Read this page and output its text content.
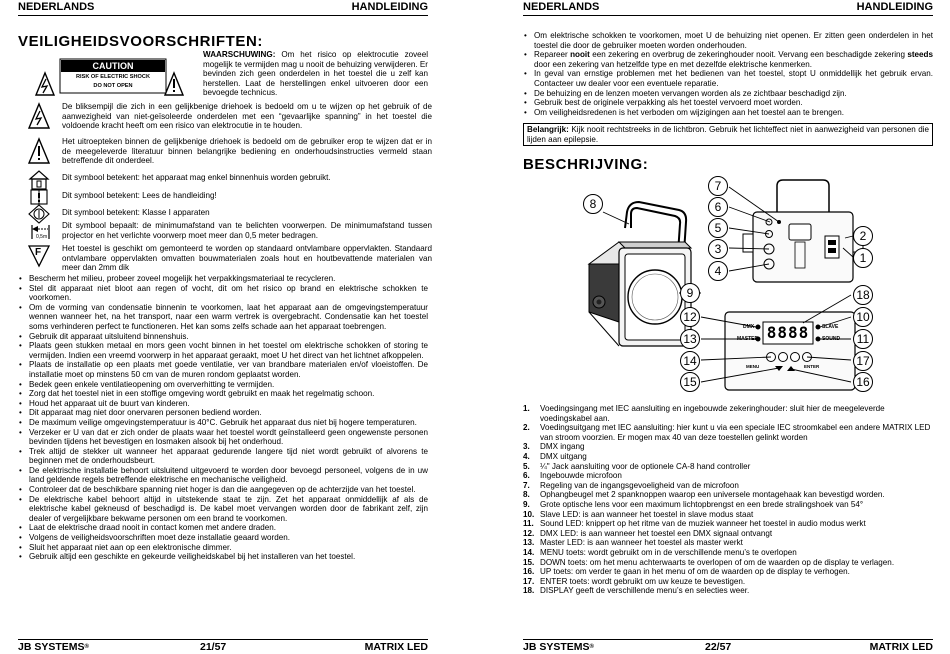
NEDERLANDS	HANDLEIDING
VEILIGHEIDSVOORSCHRIFTEN:
CAUTION
RISK OF ELECTRIC SHOCK
DO NOT OPEN
WAARSCHUWING: Om het risico op elektrocutie zoveel mogelijk te vermijden mag u nooit de behuizing verwijderen. Er bevinden zich geen onderdelen in het toestel die u zelf kan herstellen. Laat de herstellingen enkel uitvoeren door een bevoegde technicus.
De bliksempijl die zich in een gelijkbenige driehoek is bedoeld om u te wijzen op het gebruik of de aanwezigheid van niet-geïsoleerde onderdelen met een “gevaarlijke spanning” in het toestel die voldoende kracht heeft om een risico van elektrocutie in te houden.
Het uitroepteken binnen de gelijkbenige driehoek is bedoeld om de gebruiker erop te wijzen dat er in de meegeleverde literatuur binnen belangrijke bediening en onderhoudsinstructies vermeld staan betreffende dit onderdeel.
Dit symbool betekent: het apparaat mag enkel binnenhuis worden gebruikt.
Dit symbool betekent: Lees de handleiding!
Dit symbool betekent: Klasse I apparaten
0,5m
Dit symbool bepaalt: de minimumafstand van te belichten voorwerpen. De minimumafstand tussen projector en het verlichte voorwerp moet meer dan 0,5 meter bedragen.
F	Het toestel is geschikt om gemonteerd te worden op standaard ontvlambare oppervlakten. Standaard ontvlambare oppervlakten omvatten bouwmaterialen zoals hout en houtbevattende materialen van meer dan 2mm dik
• Bescherm het milieu, probeer zoveel mogelijk het verpakkingsmateriaal te recycleren.
• Stel dit apparaat niet bloot aan regen of vocht, dit om het risico op brand en elektrische schokken te voorkomen.
• Om de vorming van condensatie binnenin te voorkomen, laat het apparaat aan de omgevingstemperatuur wennen wanneer het, na het transport, naar een warm vertrek is overgebracht. Condensatie kan het toestel soms verhinderen perfect te functioneren. Het kan soms zelfs schade aan het apparaat toebrengen.
• Gebruik dit apparaat uitsluitend binnenshuis.
• Plaats geen stukken metaal en mors geen vocht binnen in het toestel om elektrische schokken of storing te vermijden. Indien een vreemd voorwerp in het apparaat geraakt, moet U het direct van het lichtnet afkoppelen.
• Plaats de installatie op een plaats met goede ventilatie, ver van brandbare materialen en/of vloeistoffen. De installatie moet op minstens 50 cm van de muren rondom geplaatst worden.
• Bedek geen enkele ventilatieopening om oververhitting te vermijden.
• Zorg dat het toestel niet in een stoffige omgeving wordt gebruikt en maak het regelmatig schoon.
• Houd het apparaat uit de buurt van kinderen.
• Dit apparaat mag niet door onervaren personen bediend worden.
• De maximum veilige omgevingstemperatuur is 40°C. Gebruik het apparaat dus niet bij hogere temperaturen.
• Verzeker er U van dat er zich onder de plaats waar het toestel wordt geïnstalleerd geen ongewenste personen bevinden tijdens het bevestigen en losmaken alsook bij het onderhoud.
• Trek altijd de stekker uit wanneer het apparaat gedurende langere tijd niet wordt gebruikt of alvorens te beginnen met de onderhoudsbeurt.
• De elektrische installatie behoort uitsluitend uitgevoerd te worden door bevoegd personeel, volgens de in uw land geldende regels betreffende elektrische en mechanische veiligheid.
• Controleer dat de beschikbare spanning niet hoger is dan die aangegeven op de achterzijde van het toestel.
• De elektrische kabel behoort altijd in uitstekende staat te zijn. Zet het apparaat onmiddellijk af als de elektrische kabel gekneusd of beschadigd is. De kabel moet vervangen worden door de fabrikant zelf, zijn dealer of vergelijkbare bekwame personen om een brand te voorkomen.
• Laat de elektrische draad nooit in contact komen met andere draden.
• Volgens de veiligheidsvoorschriften moet deze installatie geaard worden.
• Sluit het apparaat niet aan op een elektronische dimmer.
• Gebruik altijd een geschikte en gekeurde veiligheidskabel bij het installeren van het toestel.
JB SYSTEMS®	21/57	MATRIX LED
NEDERLANDS	HANDLEIDING
• Om elektrische schokken te voorkomen, moet U de behuizing niet openen. Er zitten geen onderdelen in het toestel die door de gebruiker moeten worden onderhouden.
• Repareer nooit een zekering en overbrug de zekeringhouder nooit. Vervang een beschadigde zekering steeds door een zekering van hetzelfde type en met dezelfde elektrische kenmerken.
• In geval van ernstige problemen met het bedienen van het toestel, stopt U onmiddellijk het gebruik ervan. Contacteer uw dealer voor een eventuele reparatie.
• De behuizing en de lenzen moeten vervangen worden als ze zichtbaar beschadigd zijn.
• Gebruik best de originele verpakking als het toestel vervoerd moet worden.
• Om veiligheidsredenen is het verboden om wijzigingen aan het toestel aan te brengen.
Belangrijk: Kijk nooit rechtstreeks in de lichtbron. Gebruik het lichteffect niet in aanwezigheid van personen die lijden aan epilepsie.
BESCHRIJVING:
1
2
3
4
5
6
7
8
9
10
11
12
13
14
15	16
17
18
DMX
MASTER
SLAVE
SOUND
MENU	ENTER
8888
1. Voedingsingang met IEC aansluiting en ingebouwde zekeringhouder: sluit hier de meegeleverde voedingskabel aan.
2. Voedingsuitgang met IEC aansluiting: hier kunt u via een speciale IEC stroomkabel een andere MATRIX LED van stroom voorzien. Er mogen max 40 van deze toestellen gelinkt worden
3. DMX ingang
4. DMX uitgang
5. ¼" Jack aansluiting voor de optionele CA-8 hand controller
6. Ingebouwde microfoon
7. Regeling van de ingangsgevoeligheid van de microfoon
8. Ophangbeugel met 2 spanknoppen waarop een universele montagehaak kan bevestigd worden.
9. Grote optische lens voor een maximum lichtopbrengst en een brede stralingshoek van 54°
10. Slave LED: is aan wanneer het toestel in slave modus staat
11. Sound LED: knippert op het ritme van de muziek wanneer het toestel in audio modus werkt
12. DMX LED: is aan wanneer het toestel een DMX signaal ontvangt
13. Master LED: is aan wanneer het toestel als master werkt
14. MENU toets: wordt gebruikt om in de verschillende menu’s te overlopen
15. DOWN toets: om het menu achterwaarts te overlopen of om de waarden op de display te verlagen.
16. UP toets: om verder te gaan in het menu of om de waarden op de display te verhogen.
17. ENTER toets: wordt gebruikt om uw keuze te bevestigen.
18. DISPLAY geeft de verschillende menu’s en selecties weer.
JB SYSTEMS®	22/57	MATRIX LED
